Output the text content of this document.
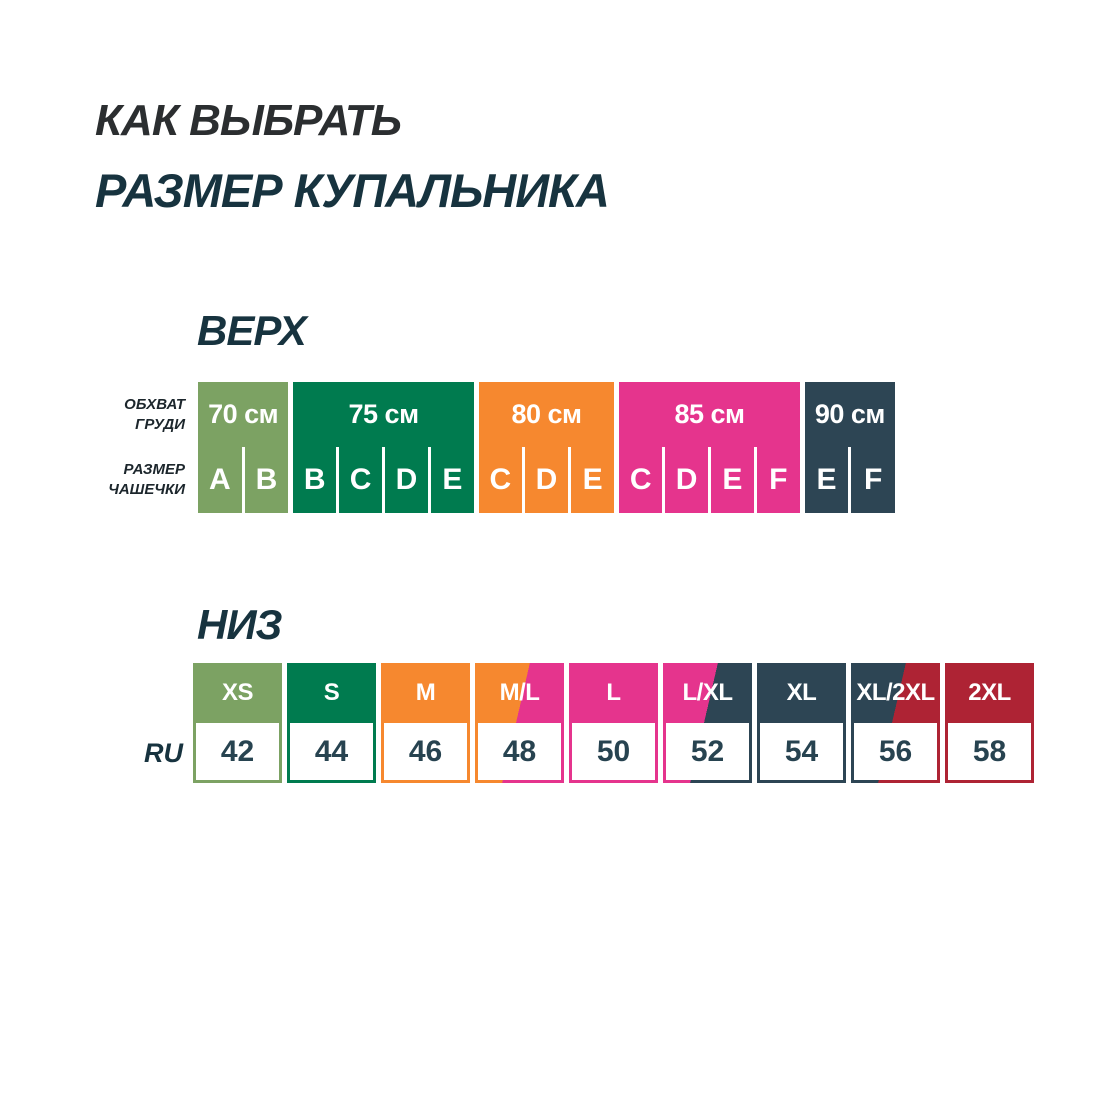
КАК ВЫБРАТЬ
РАЗМЕР КУПАЛЬНИКА
ВЕРХ
ОБХВАТ ГРУДИ
РАЗМЕР ЧАШЕЧКИ
70 см
A B
75 см
B C D E
80 см
C D E
85 см
C D E F
90 см
E F
НИЗ
RU
XS
42
S
44
M
46
M/L
48
L
50
L/XL
52
XL
54
XL/2XL
56
2XL
58
